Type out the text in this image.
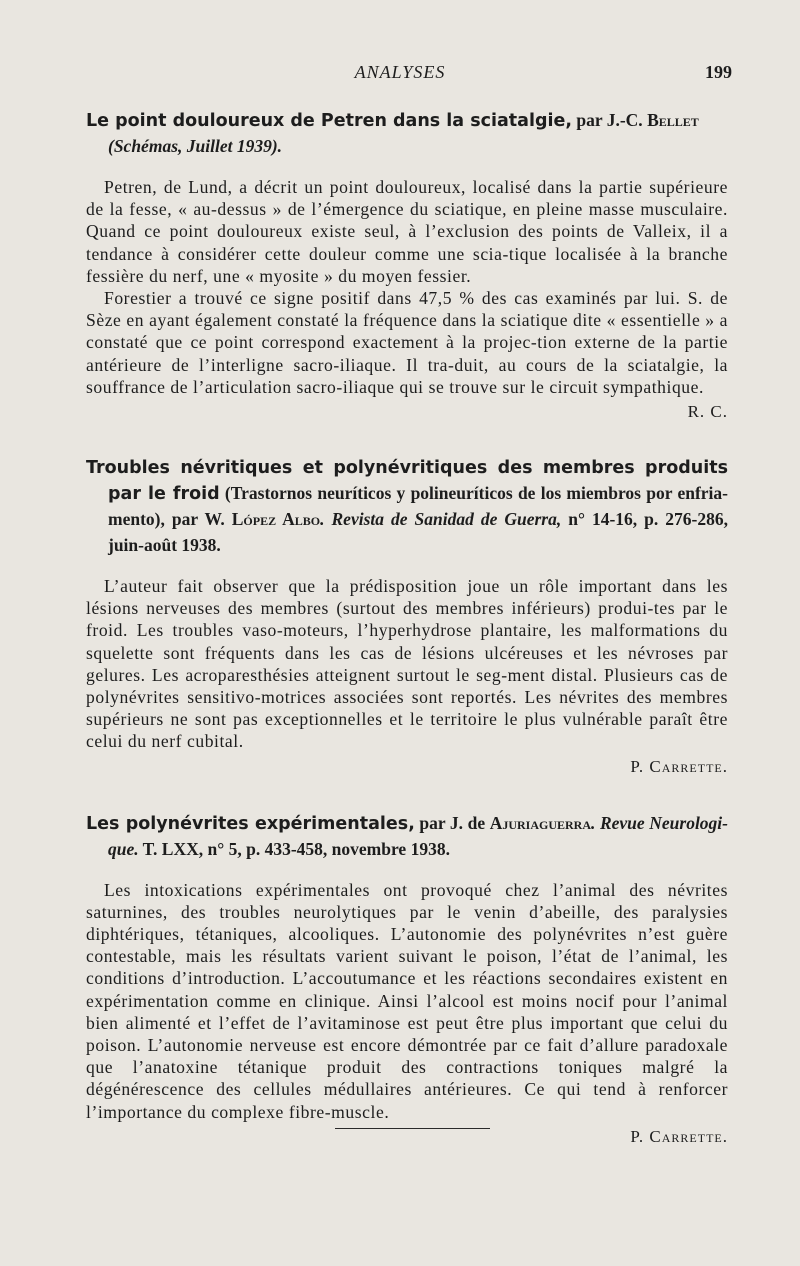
ANALYSES	199
Le point douloureux de Petren dans la sciatalgie, par J.-C. Bellet
(Schémas, Juillet 1939).

Petren, de Lund, a décrit un point douloureux, localisé dans la partie supérieure de la fesse, « au-dessus » de l’émergence du sciatique, en pleine masse musculaire. Quand ce point douloureux existe seul, à l’exclusion des points de Valleix, il a tendance à considérer cette douleur comme une scia-tique localisée à la branche fessière du nerf, une « myosite » du moyen fessier.

Forestier a trouvé ce signe positif dans 47,5 % des cas examinés par lui. S. de Sèze en ayant également constaté la fréquence dans la sciatique dite « essentielle » a constaté que ce point correspond exactement à la projec-tion externe de la partie antérieure de l’interligne sacro-iliaque. Il tra-duit, au cours de la sciatalgie, la souffrance de l’articulation sacro-iliaque qui se trouve sur le circuit sympathique.

R. C.
Troubles névritiques et polynévritiques des membres produits par le froid (Trastornos neuríticos y polineuríticos de los miembros por enfria-mento), par W. López Albo. Revista de Sanidad de Guerra, n° 14-16, p. 276-286, juin-août 1938.

L’auteur fait observer que la prédisposition joue un rôle important dans les lésions nerveuses des membres (surtout des membres inférieurs) produi-tes par le froid. Les troubles vaso-moteurs, l’hyperhydrose plantaire, les malformations du squelette sont fréquents dans les cas de lésions ulcéreuses et les névroses par gelures. Les acroparesthésies atteignent surtout le seg-ment distal. Plusieurs cas de polynévrites sensitivo-motrices associées sont reportés. Les névrites des membres supérieurs ne sont pas exceptionnelles et le territoire le plus vulnérable paraît être celui du nerf cubital.

P. Carrette.
Les polynévrites expérimentales, par J. de Ajuriaguerra. Revue Neurologi-que. T. LXX, n° 5, p. 433-458, novembre 1938.

Les intoxications expérimentales ont provoqué chez l’animal des névrites saturnines, des troubles neurolytiques par le venin d’abeille, des paralysies diphtériques, tétaniques, alcooliques. L’autonomie des polynévrites n’est guère contestable, mais les résultats varient suivant le poison, l’état de l’animal, les conditions d’introduction. L’accoutumance et les réactions secondaires existent en expérimentation comme en clinique. Ainsi l’alcool est moins nocif pour l’animal bien alimenté et l’effet de l’avitaminose est peut être plus important que celui du poison. L’autonomie nerveuse est encore démontrée par ce fait d’allure paradoxale que l’anatoxine tétanique produit des contractions toniques malgré la dégénérescence des cellules médullaires antérieures. Ce qui tend à renforcer l’importance du complexe fibre-muscle.

P. Carrette.
